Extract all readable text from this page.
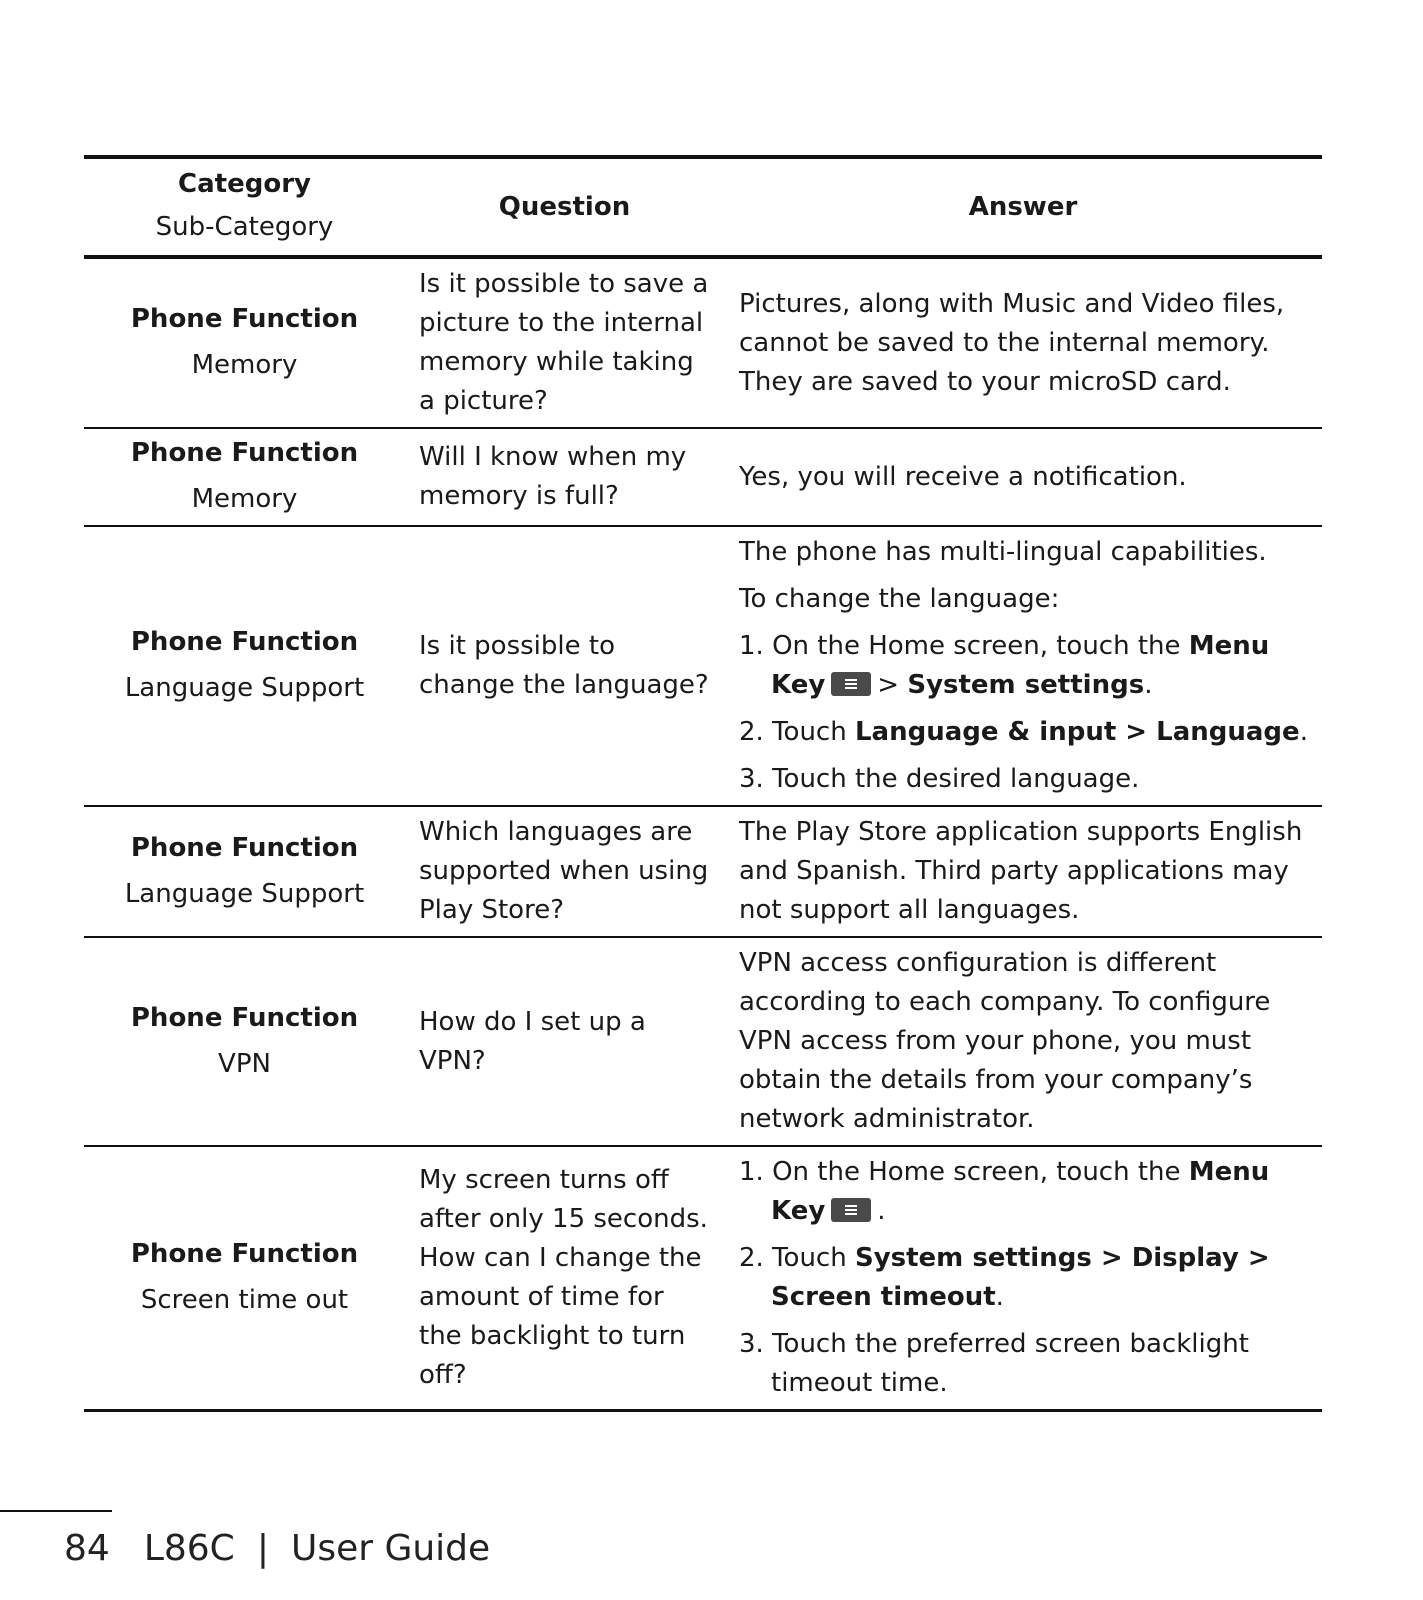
Category
Sub-Category	Question	Answer

Phone Function
Memory	Is it possible to save a picture to the internal memory while taking a picture?	Pictures, along with Music and Video files, cannot be saved to the internal memory. They are saved to your microSD card.

Phone Function
Memory	Will I know when my memory is full?	Yes, you will receive a notification.

Phone Function
Language Support	Is it possible to change the language?	The phone has multi-lingual capabilities.
To change the language:
1. On the Home screen, touch the Menu Key > System settings.
2. Touch Language & input > Language.
3. Touch the desired language.

Phone Function
Language Support	Which languages are supported when using Play Store?	The Play Store application supports English and Spanish. Third party applications may not support all languages.

Phone Function
VPN	How do I set up a VPN?	VPN access configuration is different according to each company. To configure VPN access from your phone, you must obtain the details from your company’s network administrator.

Phone Function
Screen time out	My screen turns off after only 15 seconds. How can I change the amount of time for the backlight to turn off?	1. On the Home screen, touch the Menu Key .
2. Touch System settings > Display > Screen timeout.
3. Touch the preferred screen backlight timeout time.
84 L86C | User Guide
